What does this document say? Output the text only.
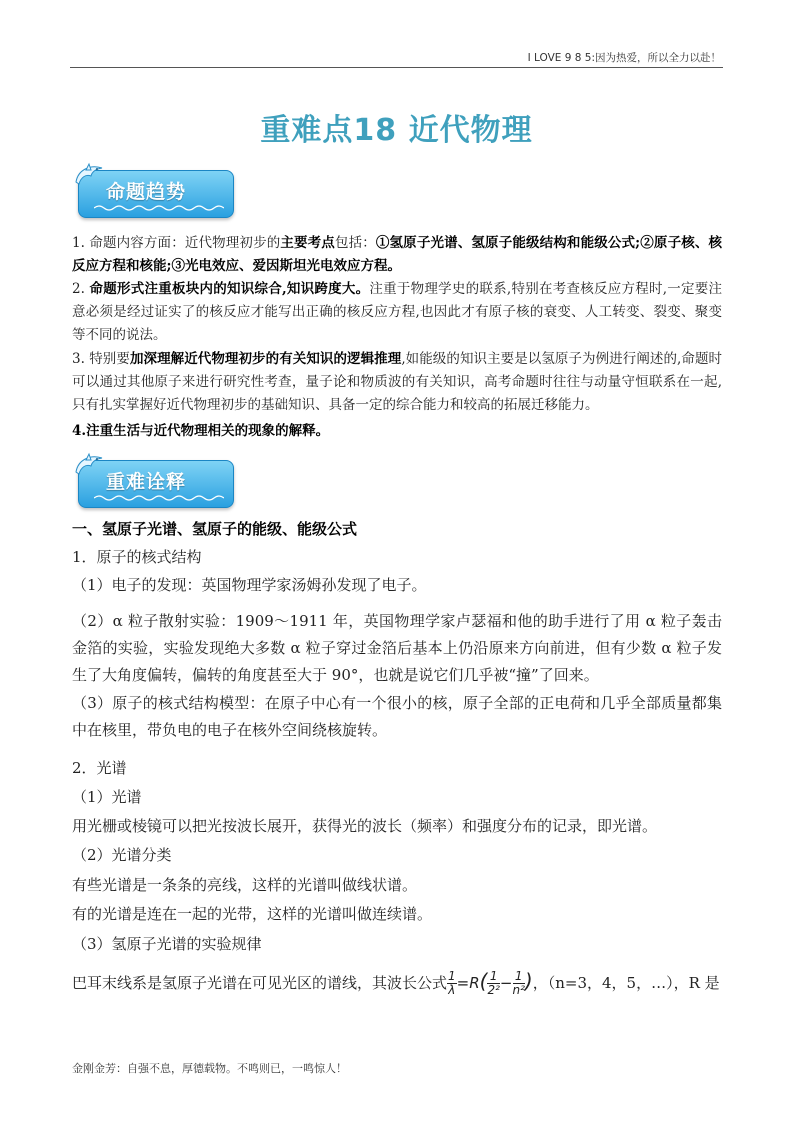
I LOVE 9 8 5:因为热爱，所以全力以赴！
重难点18 近代物理
命题趋势
1. 命题内容方面：近代物理初步的主要考点包括：①氢原子光谱、氢原子能级结构和能级公式;②原子核、核反应方程和核能;③光电效应、爱因斯坦光电效应方程。
2. 命题形式注重板块内的知识综合,知识跨度大。注重于物理学史的联系,特别在考查核反应方程时,一定要注意必须是经过证实了的核反应才能写出正确的核反应方程,也因此才有原子核的衰变、人工转变、裂变、聚变等不同的说法。
3. 特别要加深理解近代物理初步的有关知识的逻辑推理,如能级的知识主要是以氢原子为例进行阐述的,命题时可以通过其他原子来进行研究性考查，量子论和物质波的有关知识，高考命题时往往与动量守恒联系在一起,只有扎实掌握好近代物理初步的基础知识、具备一定的综合能力和较高的拓展迁移能力。
4.注重生活与近代物理相关的现象的解释。
重难诠释
一、氢原子光谱、氢原子的能级、能级公式
1．原子的核式结构
（1）电子的发现：英国物理学家汤姆孙发现了电子。
（2）α 粒子散射实验：1909～1911 年，英国物理学家卢瑟福和他的助手进行了用 α 粒子轰击金箔的实验，实验发现绝大多数 α 粒子穿过金箔后基本上仍沿原来方向前进，但有少数 α 粒子发生了大角度偏转，偏转的角度甚至大于 90°，也就是说它们几乎被“撞”了回来。
（3）原子的核式结构模型：在原子中心有一个很小的核，原子全部的正电荷和几乎全部质量都集中在核里，带负电的电子在核外空间绕核旋转。
2．光谱
（1）光谱
用光栅或棱镜可以把光按波长展开，获得光的波长（频率）和强度分布的记录，即光谱。
（2）光谱分类
有些光谱是一条条的亮线，这样的光谱叫做线状谱。
有的光谱是连在一起的光带，这样的光谱叫做连续谱。
（3）氢原子光谱的实验规律
巴耳末线系是氢原子光谱在可见光区的谱线，其波长公式 $\frac{1}{\lambda} =R( \frac{1}{\text{2²}} - \frac{1}{\text{n²}}$ )，（n=3，4，5，…），R 是
金刚金芳：自强不息，厚德载物。不鸣则已，一鸣惊人！
